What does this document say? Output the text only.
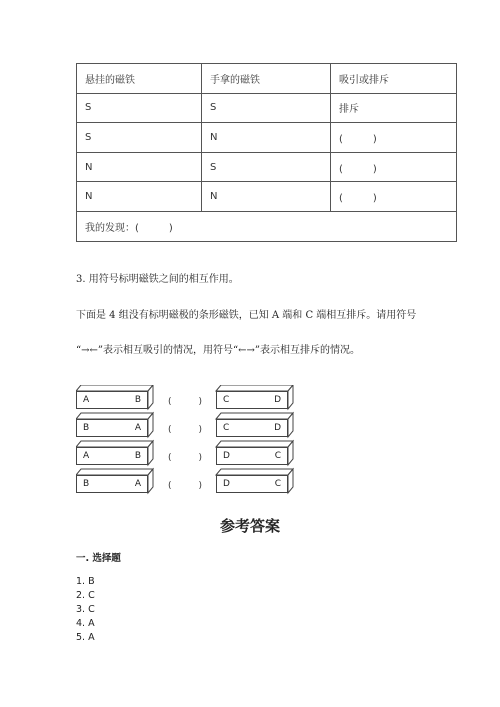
悬挂的磁铁	手拿的磁铁	吸引或排斥
S	S	排斥
S	N	(　　　)
N	S	(　　　)
N	N	(　　　)
我的发现：(　　　)		
3. 用符号标明磁铁之间的相互作用。
下面是 4 组没有标明磁极的条形磁铁，已知 A 端和 C 端相互排斥。请用符号
“→←”表示相互吸引的情况，用符号“←→”表示相互排斥的情况。
A	B	(　　　) C	D
B	A	(　　　) C	D
A	B	(　　　) D	C
B	A	(　　　) D	C
参考答案
一. 选择题
1. B
2. C
3. C
4. A
5. A
